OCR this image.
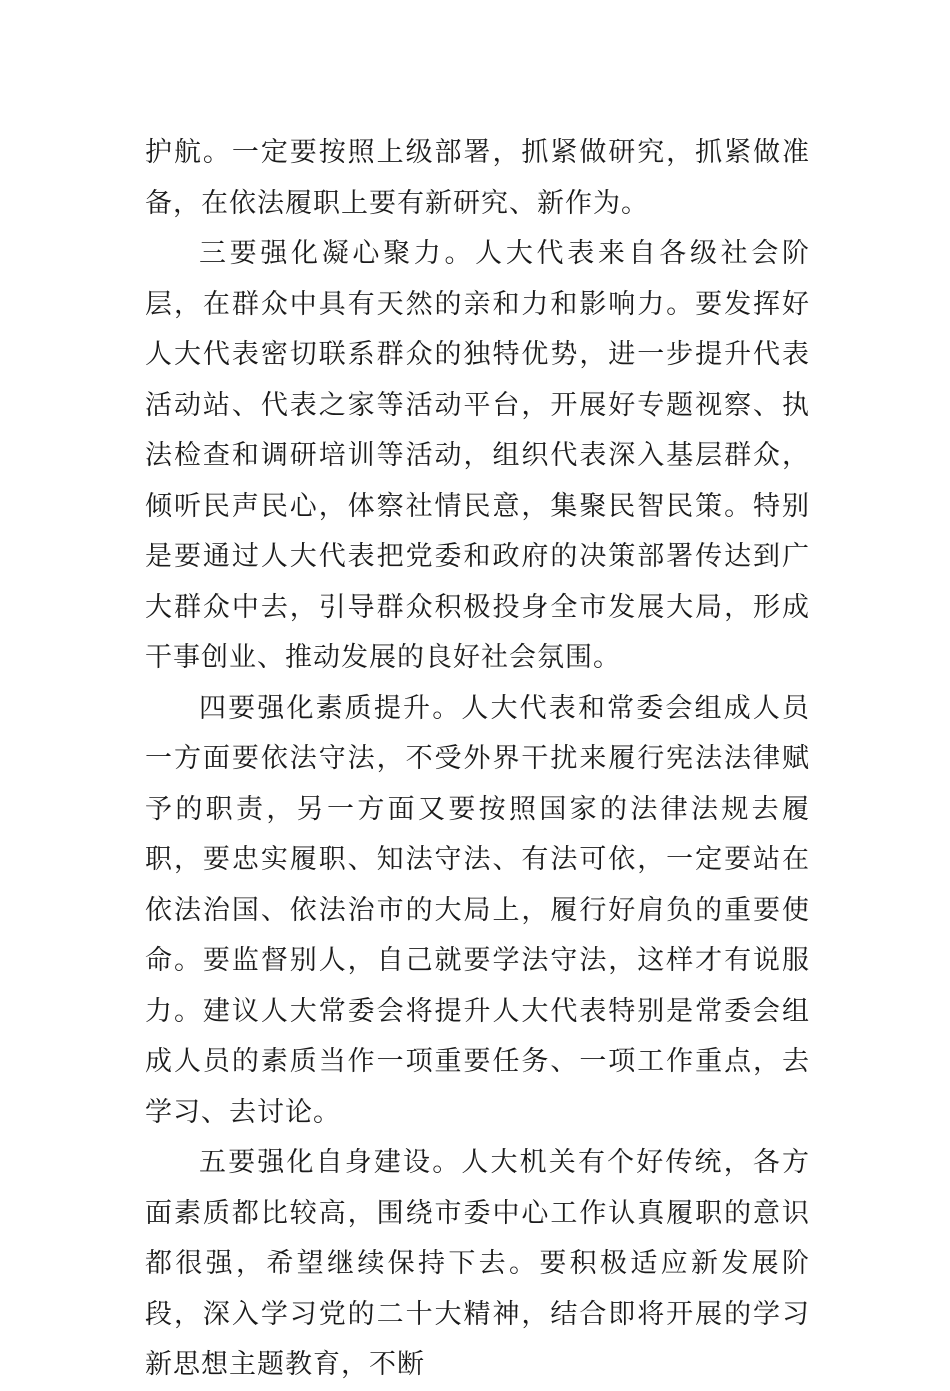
护航。一定要按照上级部署，抓紧做研究，抓紧做准备，在依法履职上要有新研究、新作为。

三要强化凝心聚力。人大代表来自各级社会阶层，在群众中具有天然的亲和力和影响力。要发挥好人大代表密切联系群众的独特优势，进一步提升代表活动站、代表之家等活动平台，开展好专题视察、执法检查和调研培训等活动，组织代表深入基层群众，倾听民声民心，体察社情民意，集聚民智民策。特别是要通过人大代表把党委和政府的决策部署传达到广大群众中去，引导群众积极投身全市发展大局，形成干事创业、推动发展的良好社会氛围。

四要强化素质提升。人大代表和常委会组成人员一方面要依法守法，不受外界干扰来履行宪法法律赋予的职责，另一方面又要按照国家的法律法规去履职，要忠实履职、知法守法、有法可依，一定要站在依法治国、依法治市的大局上，履行好肩负的重要使命。要监督别人，自己就要学法守法，这样才有说服力。建议人大常委会将提升人大代表特别是常委会组成人员的素质当作一项重要任务、一项工作重点，去学习、去讨论。

五要强化自身建设。人大机关有个好传统，各方面素质都比较高，围绕市委中心工作认真履职的意识都很强，希望继续保持下去。要积极适应新发展阶段，深入学习党的二十大精神，结合即将开展的学习新思想主题教育，不断
